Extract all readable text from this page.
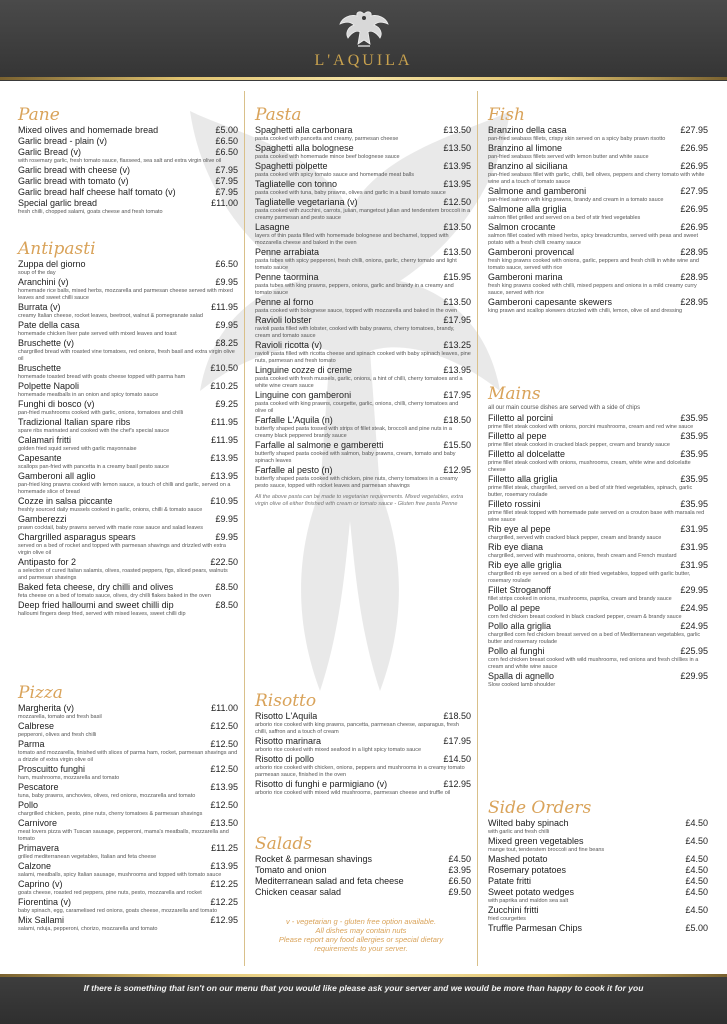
L'AQUILA
Pane
Mixed olives and homemade bread	£5.00
Garlic bread - plain (v)	£6.50
Garlic Bread (v)	£6.50
with rosemary garlic, fresh tomato sauce, flaxseed, sea salt and extra virgin olive oil
Garlic bread with cheese (v)	£7.95
Garlic bread with tomato (v)	£7.95
Garlic bread half cheese half tomato (v)	£7.95
Special garlic bread	£11.00
fresh chilli, chopped salami, goats cheese and fresh tomato
Antipasti
Zuppa del giorno	£6.50
soup of the day
Aranchini (v)	£9.95
homemade rice balls, mixed herbs, mozzarella and parmesan cheese served with mixed leaves and sweet chilli sauce
Burrata (v)	£11.95
creamy Italian cheese, rocket leaves, beetroot, walnut & pomegranate salad
Pate della casa	£9.95
homemade chicken liver pate served with mixed leaves and toast
Bruschette (v)	£8.25
chargrilled bread with roasted vine tomatoes, red onions, fresh basil and extra virgin olive oil
Bruschette	£10.50
homemade toasted bread with goats cheese topped with parma ham
Polpette Napoli	£10.25
homemade meatballs in an onion and spicy tomato sauce
Funghi di bosco (v)	£9.25
pan-fried mushrooms cooked with garlic, onions, tomatoes and chilli
Tradizional Italian spare ribs	£11.95
spare ribs marinated and cooked with the chef's special sauce
Calamari fritti	£11.95
golden fried squid served with garlic mayonnaise
Capesante	£13.95
scallops pan-fried with pancetta in a creamy basil pesto sauce
Gamberoni all aglio	£13.95
pan-fried king prawns cooked with lemon sauce, a touch of chilli and garlic, served on a homemade slice of bread
Cozze in salsa piccante	£10.95
freshly sourced daily mussels cooked in garlic, onions, chilli & tomato sauce
Gamberezzi	£9.95
prawn cocktail, baby prawns served with marie rose sauce and salad leaves
Chargrilled asparagus spears	£9.95
served on a bed of rocket and topped with parmesan shavings and drizzled with extra virgin olive oil
Antipasto for 2	£22.50
a selection of cured Italian salamis, olives, roasted peppers, figs, sliced pears, walnuts and parmesan shavings
Baked feta cheese, dry chilli and olives	£8.50
feta cheese on a bed of tomato sauce, olives, dry chilli flakes baked in the oven
Deep fried halloumi and sweet chilli dip	£8.50
halloumi fingers deep fried, served with mixed leaves, sweet chilli dip
Pizza
Margherita (v)	£11.00
mozzarella, tomato and fresh basil
Calbrese	£12.50
pepperoni, olives and fresh chilli
Parma	£12.50
tomato and mozzarella, finished with slices of parma ham, rocket, parmesan shavings and a drizzle of extra virgin olive oil
Proscuitto funghi	£12.50
ham, mushrooms, mozzarella and tomato
Pescatore	£13.95
tuna, baby prawns, anchovies, olives, red onions, mozzarella and tomato
Pollo	£12.50
chargrilled chicken, pesto, pine nuts, cherry tomatoes & parmesan shavings
Carnivore	£13.50
meat lovers pizza with Tuscan sausage, pepperoni, mama's meatballs, mozzarella and tomato
Primavera	£11.25
grilled mediterranean vegetables, Italian and feta cheese
Calzone	£13.95
salami, meatballs, spicy Italian sausage, mushrooms and topped with tomato sauce
Caprino (v)	£12.25
goats cheese, roasted red peppers, pine nuts, pesto, mozzarella and rocket
Fiorentina (v)	£12.25
baby spinach, egg, caramelised red onions, goats cheese, mozzarella and tomato
Mix Sallami	£12.95
salami, nduja, pepperoni, chorizo, mozzarella and tomato
Pasta
Spaghetti alla carbonara	£13.50
pasta cooked with pancetta and creamy, parmesan cheese
Spaghetti alla bolognese	£13.50
pasta cooked with homemade mince beef bolognese sauce
Spaghetti polpette	£13.95
pasta cooked with spicy tomato sauce and homemade meat balls
Tagliatelle con tonno	£13.95
pasta cooked with tuna, baby prawns, olives and garlic in a basil tomato sauce
Tagliatelle vegetariana (v)	£12.50
pasta cooked with zucchini, carrots, julian, mangetout julian and tenderstem broccoli in a creamy parmesan and pesto sauce
Lasagne	£13.50
layers of thin pasta filled with homemade bolognese and bechamel, topped with mozzarella cheese and baked in the oven
Penne arrabiata	£13.50
pasta tubes with spicy pepperoni, fresh chilli, onions, garlic, cherry tomato and light tomato sauce
Penne taormina	£15.95
pasta tubes with king prawns, peppers, onions, garlic and brandy in a creamy and tomato sauce
Penne al forno	£13.50
pasta cooked with bolognese sauce, topped with mozzarella and baked in the oven
Ravioli lobster	£17.95
ravioli pasta filled with lobster, cooked with baby prawns, cherry tomatoes, brandy, cream and tomato sauce
Ravioli ricotta (v)	£13.25
ravioli pasta filled with ricotta cheese and spinach cooked with baby spinach leaves, pine nuts, parmesan and fresh tomato
Linguine cozze di creme	£13.95
pasta cooked with fresh mussels, garlic, onions, a hint of chilli, cherry tomatoes and a white wine cream sauce
Linguine con gamberoni	£17.95
pasta cooked with king prawns, courgette, garlic, onions, chilli, cherry tomatoes and olive oil
Farfalle L'Aquila (n)	£18.50
butterfly shaped pasta tossed with strips of fillet steak, broccoli and pine nuts in a creamy black peppered brandy sauce
Farfalle al salmone e gamberetti	£15.50
butterfly shaped pasta cooked with salmon, baby prawns, cream, tomato and baby spinach leaves
Farfalle al pesto (n)	£12.95
butterfly shaped pasta cooked with chicken, pine nuts, cherry tomatoes in a creamy pesto sauce, topped with rocket leaves and parmesan shavings
All the above pasta can be made to vegetarian requirements. Mixed vegetables, extra virgin olive oil either finished with cream or tomato sauce - Gluten free pasta Penne
Risotto
Risotto L'Aquila	£18.50
arborio rice cooked with king prawns, pancetta, parmesan cheese, asparagus, fresh chilli, saffron and a touch of cream
Risotto marinara	£17.95
arborio rice cooked with mixed seafood in a light spicy tomato sauce
Risotto di pollo	£14.50
arborio rice cooked with chicken, onions, peppers and mushrooms in a creamy tomato parmesan sauce, finished in the oven
Risotto di funghi e parmigiano (v)	£12.95
arborio rice cooked with mixed wild mushrooms, parmesan cheese and truffle oil
Salads
Rocket & parmesan shavings	£4.50
Tomato and onion	£3.95
Mediterranean salad and feta cheese	£6.50
Chicken ceasar salad	£9.50
v - vegetarian g - gluten free option available.
All dishes may contain nuts
Please report any food allergies or special dietary
requirements to your server.
Fish
Branzino della casa	£27.95
pan-fried seabass fillets, crispy skin served on a spicy baby prawn risotto
Branzino al limone	£26.95
pan-fried seabass fillets served with lemon butter and white sauce
Branzino al siciliana	£26.95
pan-fried seabass fillet with garlic, chilli, bell olives, peppers and cherry tomato with white wine and a touch of tomato sauce
Salmone and gamberoni	£27.95
pan-fried salmon with king prawns, brandy and cream in a tomato sauce
Salmone alla griglia	£26.95
salmon fillet grilled and served on a bed of stir fried vegetables
Salmon crocante	£26.95
salmon fillet coated with mixed herbs, spicy breadcrumbs, served with peas and sweet potato with a fresh chilli creamy sauce
Gamberoni provencal	£28.95
fresh king prawns cooked with onions, garlic, peppers and fresh chilli in white wine and tomato sauce, served with rice
Gamberoni marina	£28.95
fresh king prawns cooked with chilli, mixed peppers and onions in a mild creamy curry sauce, served with rice
Gamberoni capesante skewers	£28.95
king prawn and scallop skewers drizzled with chilli, lemon, olive oil and dressing
Mains
all our main course dishes are served with a side of chips
Filletto al porcini	£35.95
prime fillet steak cooked with onions, porcini mushrooms, cream and red wine sauce
Filletto al pepe	£35.95
prime fillet steak cooked in cracked black pepper, cream and brandy sauce
Filletto al dolcelatte	£35.95
prime fillet steak cooked with onions, mushrooms, cream, white wine and dolcelatte cheese
Filletto alla griglia	£35.95
prime fillet steak, chargrilled, served on a bed of stir fried vegetables, spinach, garlic butter, rosemary roulade
Filleto rossini	£35.95
prime fillet steak topped with homemade pate served on a crouton base with marsala red wine sauce
Rib eye al pepe	£31.95
chargrilled, served with cracked black pepper, cream and brandy sauce
Rib eye diana	£31.95
chargrilled, served with mushrooms, onions, fresh cream and French mustard
Rib eye alle griglia	£31.95
chargrilled rib eye served on a bed of stir fried vegetables, topped with garlic butter, rosemary roulade
Fillet Stroganoff	£29.95
fillet strips cooked in onions, mushrooms, paprika, cream and brandy sauce
Pollo al pepe	£24.95
corn fed chicken breast cooked in black cracked pepper, cream & brandy sauce
Pollo alla griglia	£24.95
chargrilled corn fed chicken breast served on a bed of Mediterranean vegetables, garlic butter and rosemary roulade
Pollo al funghi	£25.95
corn fed chicken breast cooked with wild mushrooms, red onions and fresh chillies in a cream and white wine sauce
Spalla di agnello	£29.95
Slow cooked lamb shoulder
Side Orders
Wilted baby spinach	£4.50
with garlic and fresh chilli
Mixed green vegetables	£4.50
mange tout, tenderstem broccoli and fine beans
Mashed potato	£4.50
Rosemary potatoes	£4.50
Patate fritti	£4.50
Sweet potato wedges	£4.50
with paprika and maldon sea salt
Zucchini fritti	£4.50
fried courgettes
Truffle Parmesan Chips	£5.00
If there is something that isn't on our menu that you would like please ask your server and we would be more than happy to cook it for you
